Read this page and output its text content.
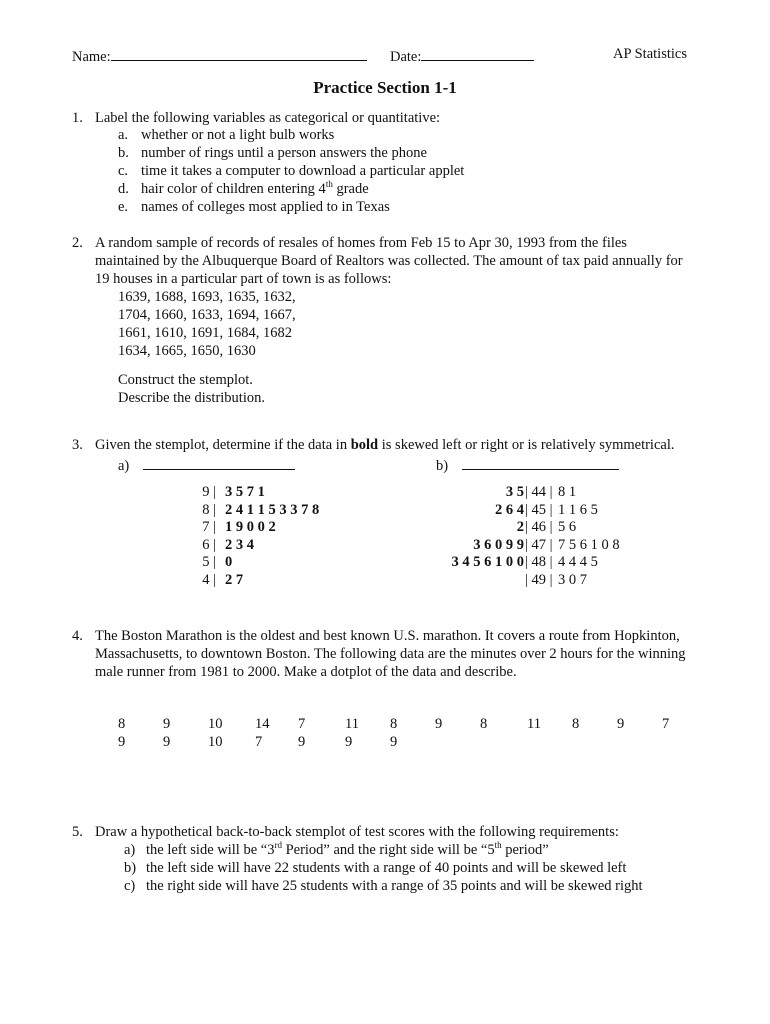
Name:	Date:	AP Statistics
Practice Section 1-1
1. Label the following variables as categorical or quantitative:
a. whether or not a light bulb works
b. number of rings until a person answers the phone
c. time it takes a computer to download a particular applet
d. hair color of children entering 4th grade
e. names of colleges most applied to in Texas
2. A random sample of records of resales of homes from Feb 15 to Apr 30, 1993 from the files
maintained by the Albuquerque Board of Realtors was collected. The amount of tax paid annually for
19 houses in a particular part of town is as follows:
1639, 1688, 1693, 1635, 1632,
1704, 1660, 1633, 1694, 1667,
1661, 1610, 1691, 1684, 1682
1634, 1665, 1650, 1630
Construct the stemplot.
Describe the distribution.
3. Given the stemplot, determine if the data in bold is skewed left or right or is relatively symmetrical.
a)	b)
9 | 3 5 7 1
8 | 2 4 1 1 5 3 3 7 8
7 | 1 9 0 0 2
6 | 2 3 4
5 | 0
4 | 2 7
3 5 | 44 | 8 1
2 6 4 | 45 | 1 1 6 5
2 | 46 | 5 6
3 6 0 9 9 | 47 | 7 5 6 1 0 8
3 4 5 6 1 0 0 | 48 | 4 4 4 5
| 49 | 3 0 7
4. The Boston Marathon is the oldest and best known U.S. marathon. It covers a route from Hopkinton,
Massachusetts, to downtown Boston. The following data are the minutes over 2 hours for the winning
male runner from 1981 to 2000. Make a dotplot of the data and describe.
8	9	10 14 7	11 8	9	8	11 8	9	7
9	9	10 7 9	9	9
5. Draw a hypothetical back-to-back stemplot of test scores with the following requirements:
a) the left side will be “3rd Period” and the right side will be “5th period”
b) the left side will have 22 students with a range of 40 points and will be skewed left
c) the right side will have 25 students with a range of 35 points and will be skewed right
